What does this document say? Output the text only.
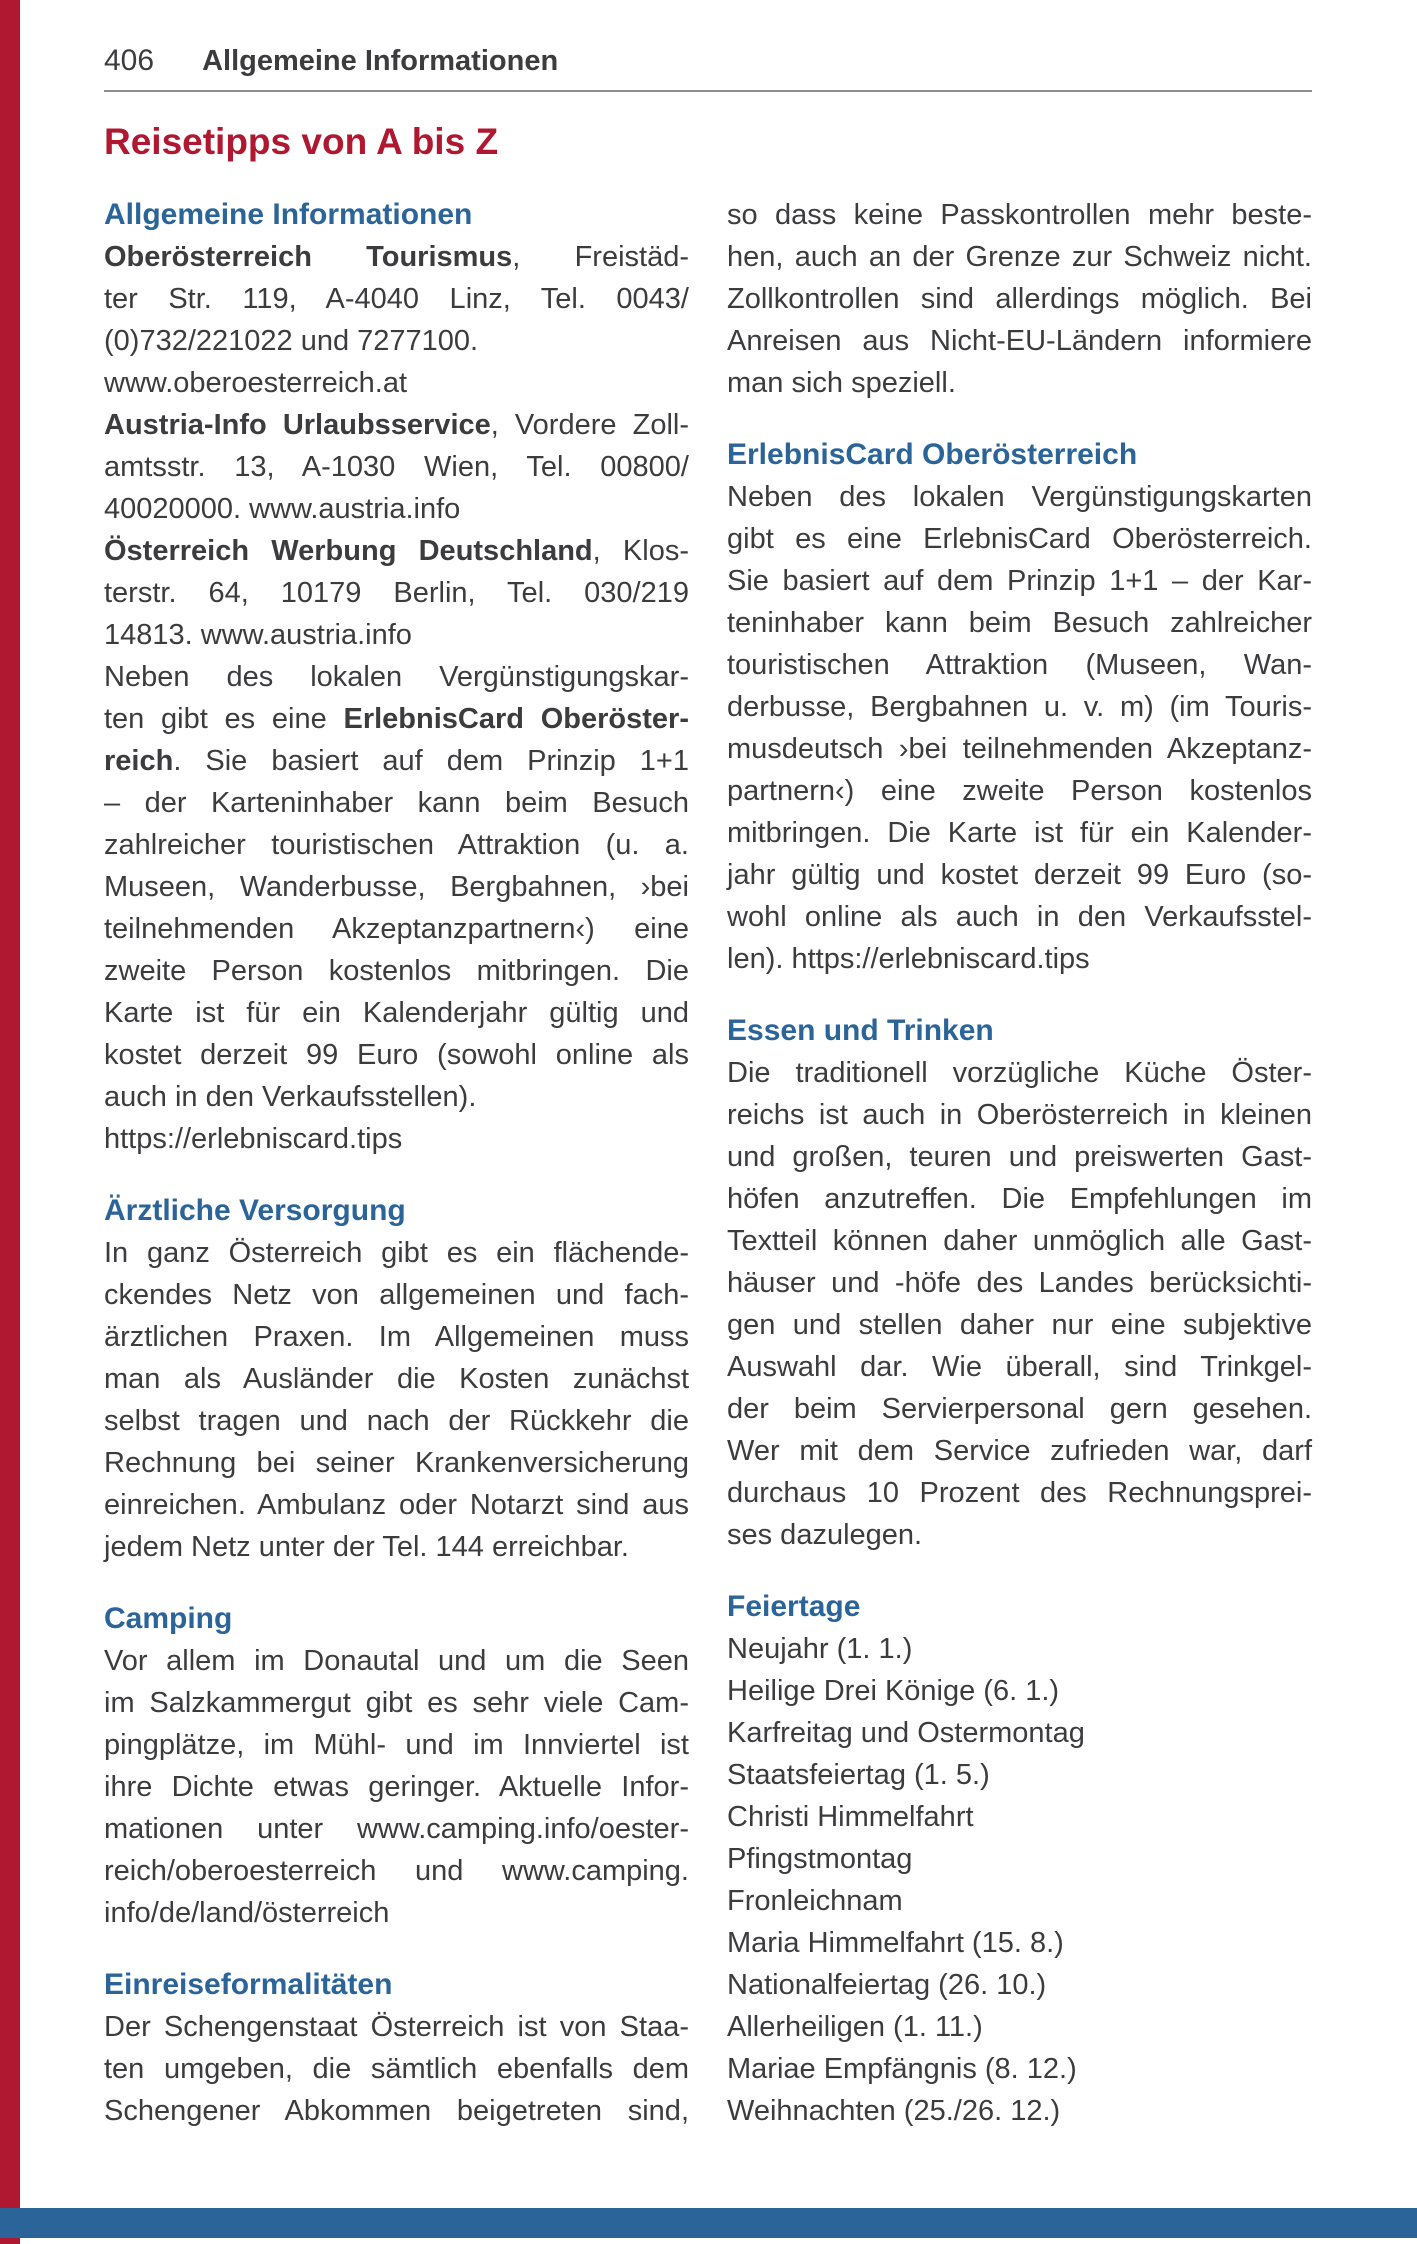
406 Allgemeine Informationen
Reisetipps von A bis Z
Allgemeine Informationen
Oberösterreich Tourismus, Freistäd-
ter Str. 119, A-4040 Linz, Tel. 0043/
(0)732/221022 und 7277100.
www.oberoesterreich.at
Austria-Info Urlaubsservice, Vordere Zoll-
amtsstr. 13, A-1030 Wien, Tel. 00800/
40020000. www.austria.info
Österreich Werbung Deutschland, Klos-
terstr. 64, 10179 Berlin, Tel. 030/219
14813. www.austria.info
Neben des lokalen Vergünstigungskar-
ten gibt es eine ErlebnisCard Oberöster-
reich. Sie basiert auf dem Prinzip 1+1
– der Karteninhaber kann beim Besuch
zahlreicher touristischen Attraktion (u. a.
Museen, Wanderbusse, Bergbahnen, ›bei
teilnehmenden Akzeptanzpartnern‹) eine
zweite Person kostenlos mitbringen. Die
Karte ist für ein Kalenderjahr gültig und
kostet derzeit 99 Euro (sowohl online als
auch in den Verkaufsstellen).
https://erlebniscard.tips
Ärztliche Versorgung
In ganz Österreich gibt es ein flächende-
ckendes Netz von allgemeinen und fach-
ärztlichen Praxen. Im Allgemeinen muss
man als Ausländer die Kosten zunächst
selbst tragen und nach der Rückkehr die
Rechnung bei seiner Krankenversicherung
einreichen. Ambulanz oder Notarzt sind aus
jedem Netz unter der Tel. 144 erreichbar.
Camping
Vor allem im Donautal und um die Seen
im Salzkammergut gibt es sehr viele Cam-
pingplätze, im Mühl- und im Innviertel ist
ihre Dichte etwas geringer. Aktuelle Infor-
mationen unter www.camping.info/oester-
reich/oberoesterreich und www.camping.
info/de/land/österreich
Einreiseformalitäten
Der Schengenstaat Österreich ist von Staa-
ten umgeben, die sämtlich ebenfalls dem
Schengener Abkommen beigetreten sind,
so dass keine Passkontrollen mehr beste-
hen, auch an der Grenze zur Schweiz nicht.
Zollkontrollen sind allerdings möglich. Bei
Anreisen aus Nicht-EU-Ländern informiere
man sich speziell.
ErlebnisCard Oberösterreich
Neben des lokalen Vergünstigungskarten
gibt es eine ErlebnisCard Oberösterreich.
Sie basiert auf dem Prinzip 1+1 – der Kar-
teninhaber kann beim Besuch zahlreicher
touristischen Attraktion (Museen, Wan-
derbusse, Bergbahnen u. v. m) (im Touris-
musdeutsch ›bei teilnehmenden Akzeptanz-
partnern‹) eine zweite Person kostenlos
mitbringen. Die Karte ist für ein Kalender-
jahr gültig und kostet derzeit 99 Euro (so-
wohl online als auch in den Verkaufsstel-
len). https://erlebniscard.tips
Essen und Trinken
Die traditionell vorzügliche Küche Öster-
reichs ist auch in Oberösterreich in kleinen
und großen, teuren und preiswerten Gast-
höfen anzutreffen. Die Empfehlungen im
Textteil können daher unmöglich alle Gast-
häuser und -höfe des Landes berücksichti-
gen und stellen daher nur eine subjektive
Auswahl dar. Wie überall, sind Trinkgel-
der beim Servierpersonal gern gesehen.
Wer mit dem Service zufrieden war, darf
durchaus 10 Prozent des Rechnungsprei-
ses dazulegen.
Feiertage
Neujahr (1. 1.)
Heilige Drei Könige (6. 1.)
Karfreitag und Ostermontag
Staatsfeiertag (1. 5.)
Christi Himmelfahrt
Pfingstmontag
Fronleichnam
Maria Himmelfahrt (15. 8.)
Nationalfeiertag (26. 10.)
Allerheiligen (1. 11.)
Mariae Empfängnis (8. 12.)
Weihnachten (25./26. 12.)
